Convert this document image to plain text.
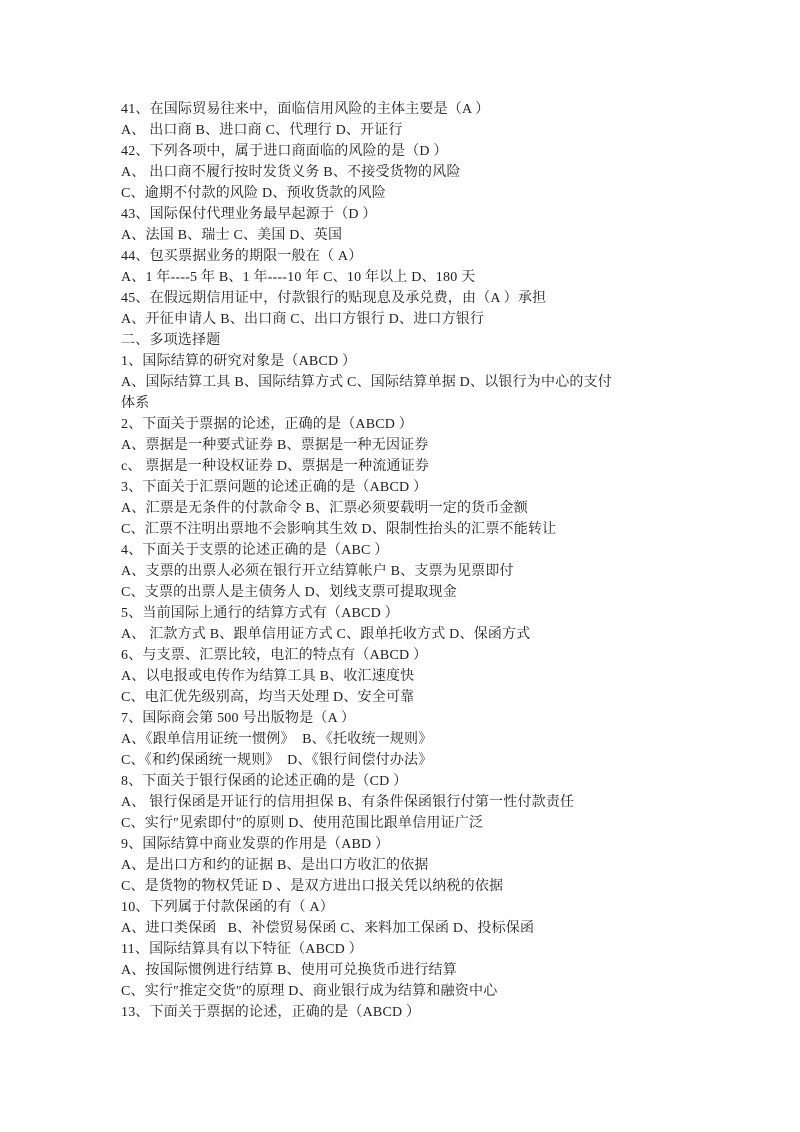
41、在国际贸易往来中，面临信用风险的主体主要是（A ）
A、 出口商 B、进口商 C、代理行 D、开证行
42、下列各项中，属于进口商面临的风险的是（D ）
A、 出口商不履行按时发货义务 B、不接受货物的风险
C、逾期不付款的风险 D、预收货款的风险
43、国际保付代理业务最早起源于（D ）
A、法国 B、瑞士 C、美国 D、英国
44、包买票据业务的期限一般在（ A）
A、1 年----5 年 B、1 年----10 年 C、10 年以上 D、180 天
45、在假远期信用证中，付款银行的贴现息及承兑费，由（A ）承担
A、开征申请人 B、出口商 C、出口方银行 D、进口方银行
二、多项选择题
1、国际结算的研究对象是（ABCD ）
A、国际结算工具 B、国际结算方式 C、国际结算单据 D、以银行为中心的支付
体系
2、下面关于票据的论述，正确的是（ABCD ）
A、票据是一种要式证券 B、票据是一种无因证券
c、 票据是一种设权证券 D、票据是一种流通证券
3、下面关于汇票问题的论述正确的是（ABCD ）
A、汇票是无条件的付款命令 B、汇票必须要载明一定的货币金额
C、汇票不注明出票地不会影响其生效 D、限制性抬头的汇票不能转让
4、下面关于支票的论述正确的是（ABC ）
A、支票的出票人必须在银行开立结算帐户 B、支票为见票即付
C、支票的出票人是主债务人 D、划线支票可提取现金
5、当前国际上通行的结算方式有（ABCD ）
A、 汇款方式 B、跟单信用证方式 C、跟单托收方式 D、保函方式
6、与支票、汇票比较，电汇的特点有（ABCD ）
A、以电报或电传作为结算工具 B、收汇速度快
C、电汇优先级别高，均当天处理 D、安全可靠
7、国际商会第 500 号出版物是（A ）
A、《跟单信用证统一惯例》  B、《托收统一规则》
C、《和约保函统一规则》  D、《银行间偿付办法》
8、下面关于银行保函的论述正确的是（CD ）
A、 银行保函是开证行的信用担保 B、有条件保函银行付第一性付款责任
C、实行″见索即付″的原则 D、使用范围比跟单信用证广泛
9、国际结算中商业发票的作用是（ABD ）
A、是出口方和约的证据 B、是出口方收汇的依据
C、是货物的物权凭证 D 、是双方进出口报关凭以纳税的依据
10、下列属于付款保函的有（ A）
A、进口类保函   B、补偿贸易保函 C、来料加工保函 D、投标保函
11、国际结算具有以下特征（ABCD ）
A、按国际惯例进行结算 B、使用可兑换货币进行结算
C、实行″推定交货″的原理 D、商业银行成为结算和融资中心
13、下面关于票据的论述，正确的是（ABCD ）
